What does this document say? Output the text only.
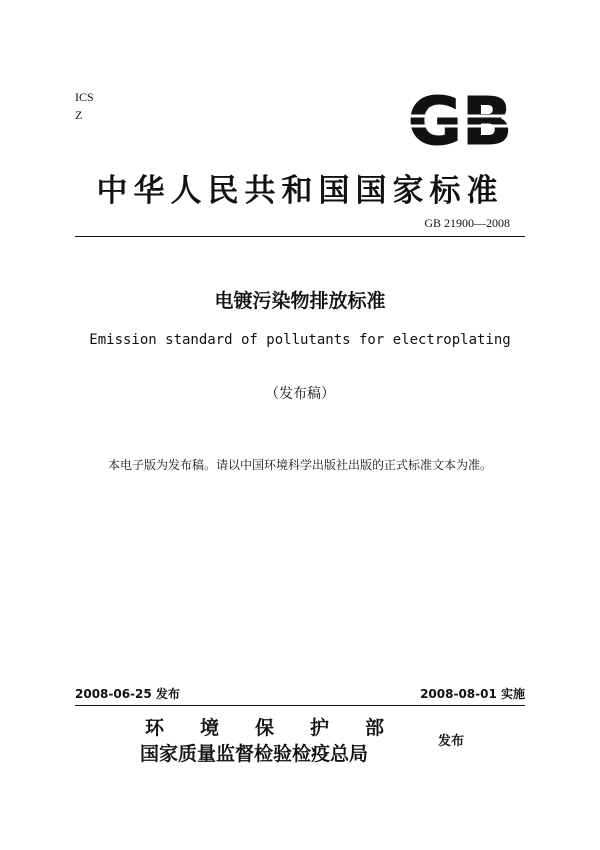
ICS
Z	GB
中华人民共和国国家标准
GB 21900—2008
电镀污染物排放标准
Emission standard of pollutants for electroplating
（发布稿）
本电子版为发布稿。请以中国环境科学出版社出版的正式标准文本为准。
2008-06-25 发布	2008-08-01 实施
环境保护部
国家质量监督检验检疫总局
发布
